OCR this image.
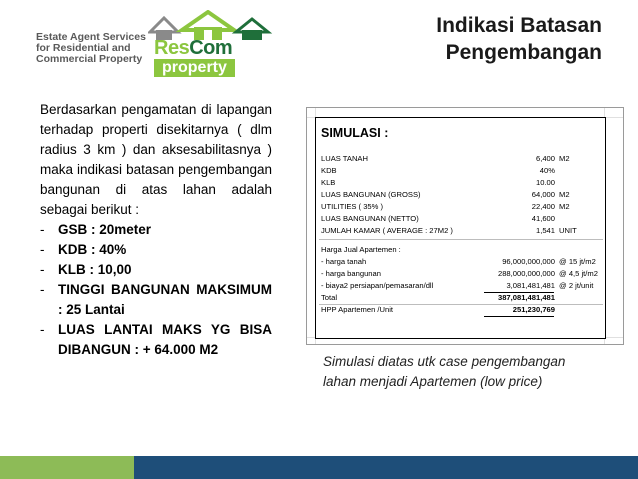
Estate Agent Services
for Residential and
Commercial Property ResCom
property
Indikasi Batasan
Pengembangan

Berdasarkan pengamatan di lapangan terhadap properti disekitarnya ( dlm radius 3 km ) dan aksesabilitasnya ) maka indikasi batasan pengembangan bangunan di atas lahan adalah sebagai berikut :

- GSB : 20meter
- KDB : 40%
- KLB : 10,00
- TINGGI BANGUNAN MAKSIMUM : 25 Lantai
- LUAS LANTAI MAKS YG BISA DIBANGUN : + 64.000 M2
SIMULASI :
LUAS TANAH	6,400 M2
KDB	40%
KLB	10.00
LUAS BANGUNAN (GROSS)	64,000 M2
UTILITIES ( 35% )	22,400 M2
LUAS BANGUNAN (NETTO)	41,600
JUMLAH KAMAR ( AVERAGE : 27M2 )	1,541 UNIT
Harga Jual Apartemen :
- harga tanah	96,000,000,000 @ 15 jt/m2
- harga bangunan	288,000,000,000 @ 4,5 jt/m2
- biaya2 persiapan/pemasaran/dll	3,081,481,481 @ 2 jt/unit
Total	387,081,481,481
HPP Apartemen /Unit	251,230,769
Simulasi diatas utk case pengembangan
lahan menjadi Apartemen (low price)
